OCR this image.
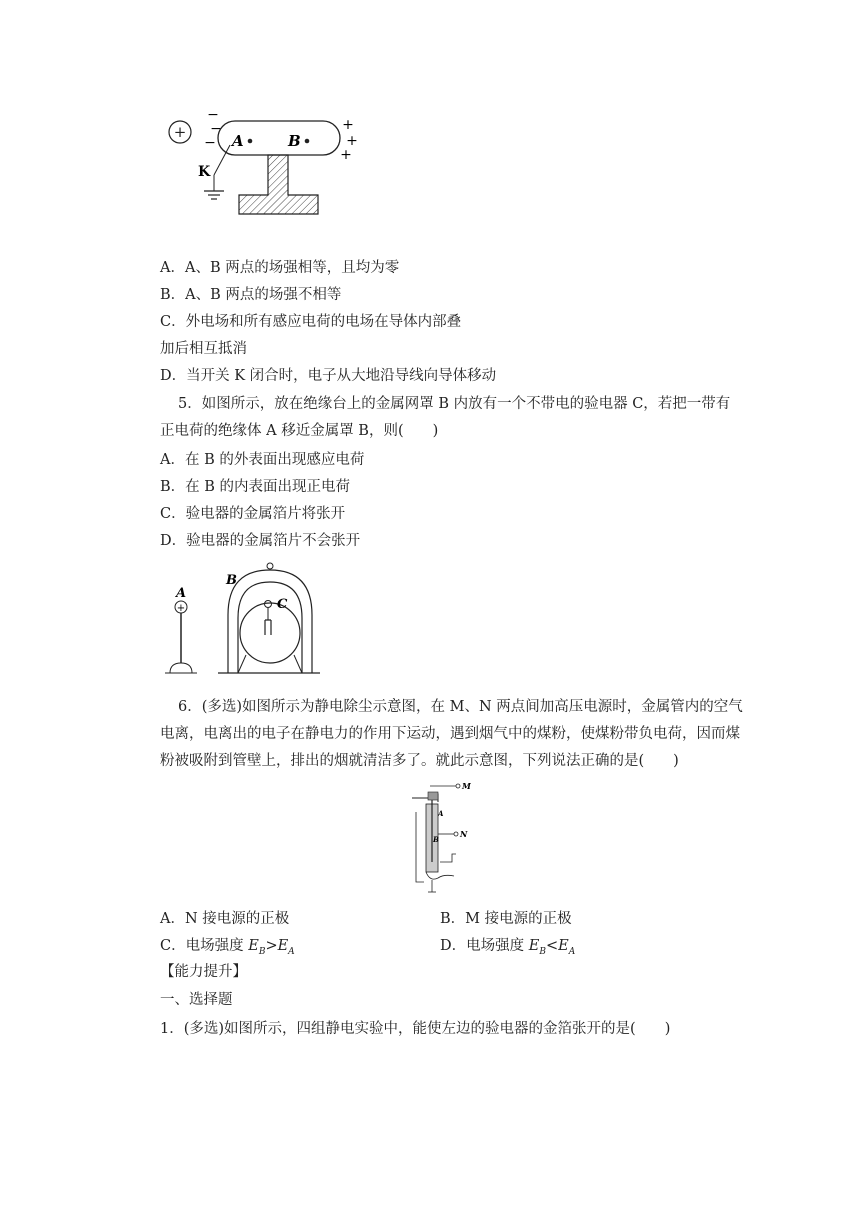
+
−
−
−
A	B
+
+
+
K
A．A、B 两点的场强相等，且均为零
B．A、B 两点的场强不相等
C．外电场和所有感应电荷的电场在导体内部叠
加后相互抵消
D．当开关 K 闭合时，电子从大地沿导线向导体移动
5．如图所示，放在绝缘台上的金属网罩 B 内放有一个不带电的验电器 C，若把一带有
正电荷的绝缘体 A 移近金属罩 B，则(　　)
A．在 B 的外表面出现感应电荷
B．在 B 的内表面出现正电荷
C．验电器的金属箔片将张开
D．验电器的金属箔片不会张开
A
+
B
C
6．(多选)如图所示为静电除尘示意图，在 M、N 两点间加高压电源时，金属管内的空气
电离，电离出的电子在静电力的作用下运动，遇到烟气中的煤粉，使煤粉带负电荷，因而煤
粉被吸附到管壁上，排出的烟就清洁多了。就此示意图，下列说法正确的是(　　)
M
A
N
B
A．N 接电源的正极	B．M 接电源的正极
C．电场强度 $E_B>E_A$	D．电场强度 $E_B<E_A$
【能力提升】
一、选择题
1．(多选)如图所示，四组静电实验中，能使左边的验电器的金箔张开的是(　　)
